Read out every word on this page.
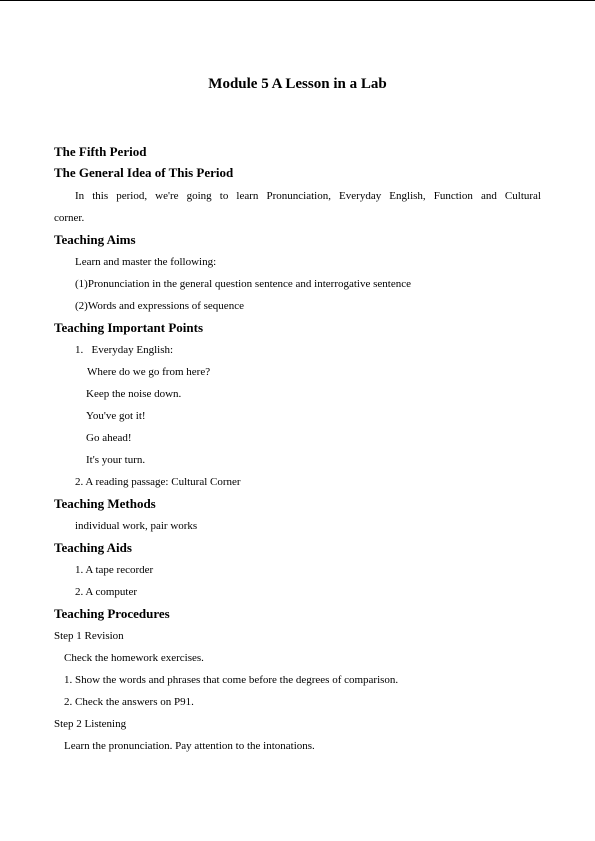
Module 5 A Lesson in a Lab
The Fifth Period
The General Idea of This Period
In this period, we're going to learn Pronunciation, Everyday English, Function and Cultural
corner.
Teaching Aims
Learn and master the following:
(1)Pronunciation in the general question sentence and interrogative sentence
(2)Words and expressions of sequence
Teaching Important Points
1.   Everyday English:
Where do we go from here?
Keep the noise down.
You've got it!
Go ahead!
It's your turn.
2. A reading passage: Cultural Corner
Teaching Methods
individual work, pair works
Teaching Aids
1. A tape recorder
2. A computer
Teaching Procedures
Step 1 Revision
Check the homework exercises.
1. Show the words and phrases that come before the degrees of comparison.
2. Check the answers on P91.
Step 2 Listening
Learn the pronunciation. Pay attention to the intonations.
